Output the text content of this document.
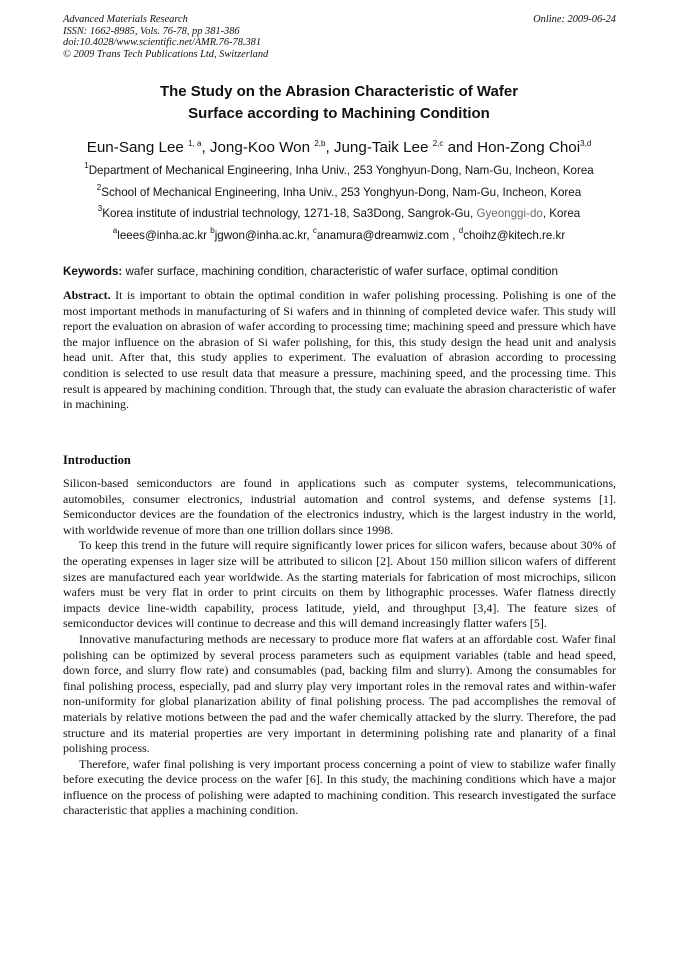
Advanced Materials Research
ISSN: 1662-8985, Vols. 76-78, pp 381-386
doi:10.4028/www.scientific.net/AMR.76-78.381
© 2009 Trans Tech Publications Ltd, Switzerland
Online: 2009-06-24
The Study on the Abrasion Characteristic of Wafer
Surface according to Machining Condition
Eun-Sang Lee $^{1, a}$, Jong-Koo Won $^{2,b}$, Jung-Taik Lee $^{2,c}$ and Hon-Zong Choi$^{3,d}$
$^1$Department of Mechanical Engineering, Inha Univ., 253 Yonghyun-Dong, Nam-Gu, Incheon, Korea
$^2$School of Mechanical Engineering, Inha Univ., 253 Yonghyun-Dong, Nam-Gu, Incheon, Korea
$^3$Korea institute of industrial technology, 1271-18, Sa3Dong, Sangrok-Gu, Gyeonggi-do, Korea
$^a$leees@inha.ac.kr $^b$jgwon@inha.ac.kr, $^c$anamura@dreamwiz.com , $^d$choihz@kitech.re.kr
Keywords: wafer surface, machining condition, characteristic of wafer surface, optimal condition

Abstract. It is important to obtain the optimal condition in wafer polishing processing. Polishing is one of the most important methods in manufacturing of Si wafers and in thinning of completed device wafer. This study will report the evaluation on abrasion of wafer according to processing time; machining speed and pressure which have the major influence on the abrasion of Si wafer polishing, for this, this study design the head unit and analysis head unit. After that, this study applies to experiment. The evaluation of abrasion according to processing condition is selected to use result data that measure a pressure, machining speed, and the processing time. This result is appeared by machining condition. Through that, the study can evaluate the abrasion characteristic of wafer in machining.

Introduction

Silicon-based semiconductors are found in applications such as computer systems, telecommunications, automobiles, consumer electronics, industrial automation and control systems, and defense systems [1]. Semiconductor devices are the foundation of the electronics industry, which is the largest industry in the world, with worldwide revenue of more than one trillion dollars since 1998.

To keep this trend in the future will require significantly lower prices for silicon wafers, because about 30% of the operating expenses in lager size will be attributed to silicon [2]. About 150 million silicon wafers of different sizes are manufactured each year worldwide. As the starting materials for fabrication of most microchips, silicon wafers must be very flat in order to print circuits on them by lithographic processes. Wafer flatness directly impacts device line-width capability, process latitude, yield, and throughput [3,4]. The feature sizes of semiconductor devices will continue to decrease and this will demand increasingly flatter wafers [5].

Innovative manufacturing methods are necessary to produce more flat wafers at an affordable cost. Wafer final polishing can be optimized by several process parameters such as equipment variables (table and head speed, down force, and slurry flow rate) and consumables (pad, backing film and slurry). Among the consumables for final polishing process, especially, pad and slurry play very important roles in the removal rates and within-wafer non-uniformity for global planarization ability of final polishing process. The pad accomplishes the removal of materials by relative motions between the pad and the wafer chemically attacked by the slurry. Therefore, the pad structure and its material properties are very important in determining polishing rate and planarity of a final polishing process.

Therefore, wafer final polishing is very important process concerning a point of view to stabilize wafer finally before executing the device process on the wafer [6]. In this study, the machining conditions which have a major influence on the process of polishing were adapted to machining condition. This research investigated the surface characteristic that applies a machining condition.
